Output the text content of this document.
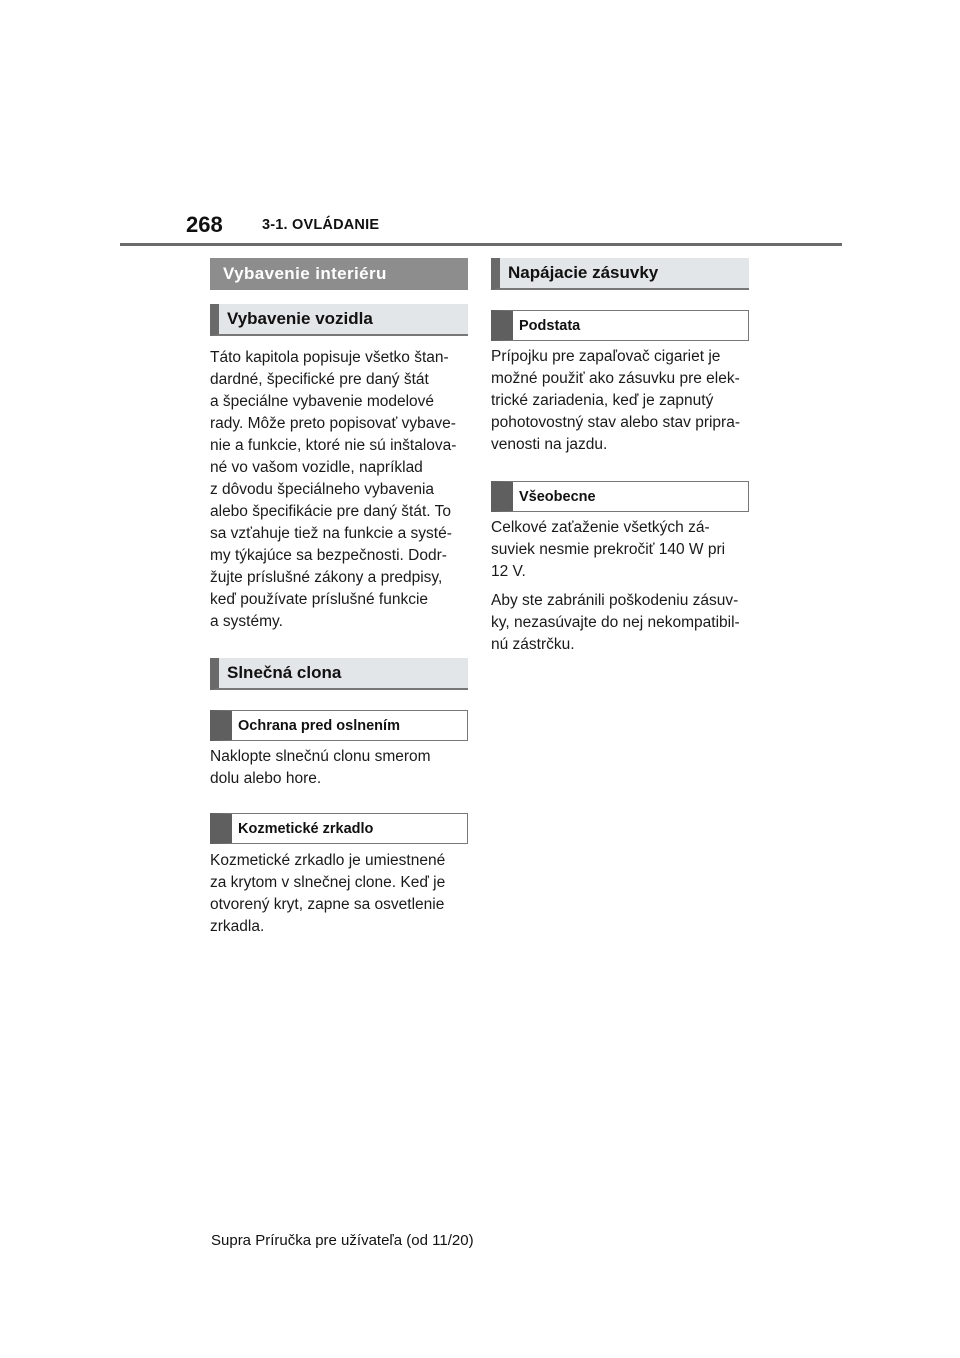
268	3-1. OVLÁDANIE
Vybavenie interiéru
Vybavenie vozidla
Táto kapitola popisuje všetko štan-
dardné, špecifické pre daný štát
a špeciálne vybavenie modelové
rady. Môže preto popisovať vybave-
nie a funkcie, ktoré nie sú inštalova-
né vo vašom vozidle, napríklad
z dôvodu špeciálneho vybavenia
alebo špecifikácie pre daný štát. To
sa vzťahuje tiež na funkcie a systé-
my týkajúce sa bezpečnosti. Dodr-
žujte príslušné zákony a predpisy,
keď používate príslušné funkcie
a systémy.
Slnečná clona
Ochrana pred oslnením
Naklopte slnečnú clonu smerom
dolu alebo hore.
Kozmetické zrkadlo
Kozmetické zrkadlo je umiestnené
za krytom v slnečnej clone. Keď je
otvorený kryt, zapne sa osvetlenie
zrkadla.
Napájacie zásuvky
Podstata
Prípojku pre zapaľovač cigariet je
možné použiť ako zásuvku pre elek-
trické zariadenia, keď je zapnutý
pohotovostný stav alebo stav pripra-
venosti na jazdu.
Všeobecne
Celkové zaťaženie všetkých zá-
suviek nesmie prekročiť 140 W pri
12 V.
Aby ste zabránili poškodeniu zásuv-
ky, nezasúvajte do nej nekompatibil-
nú zástrčku.
Supra Príručka pre užívateľa (od 11/20)
